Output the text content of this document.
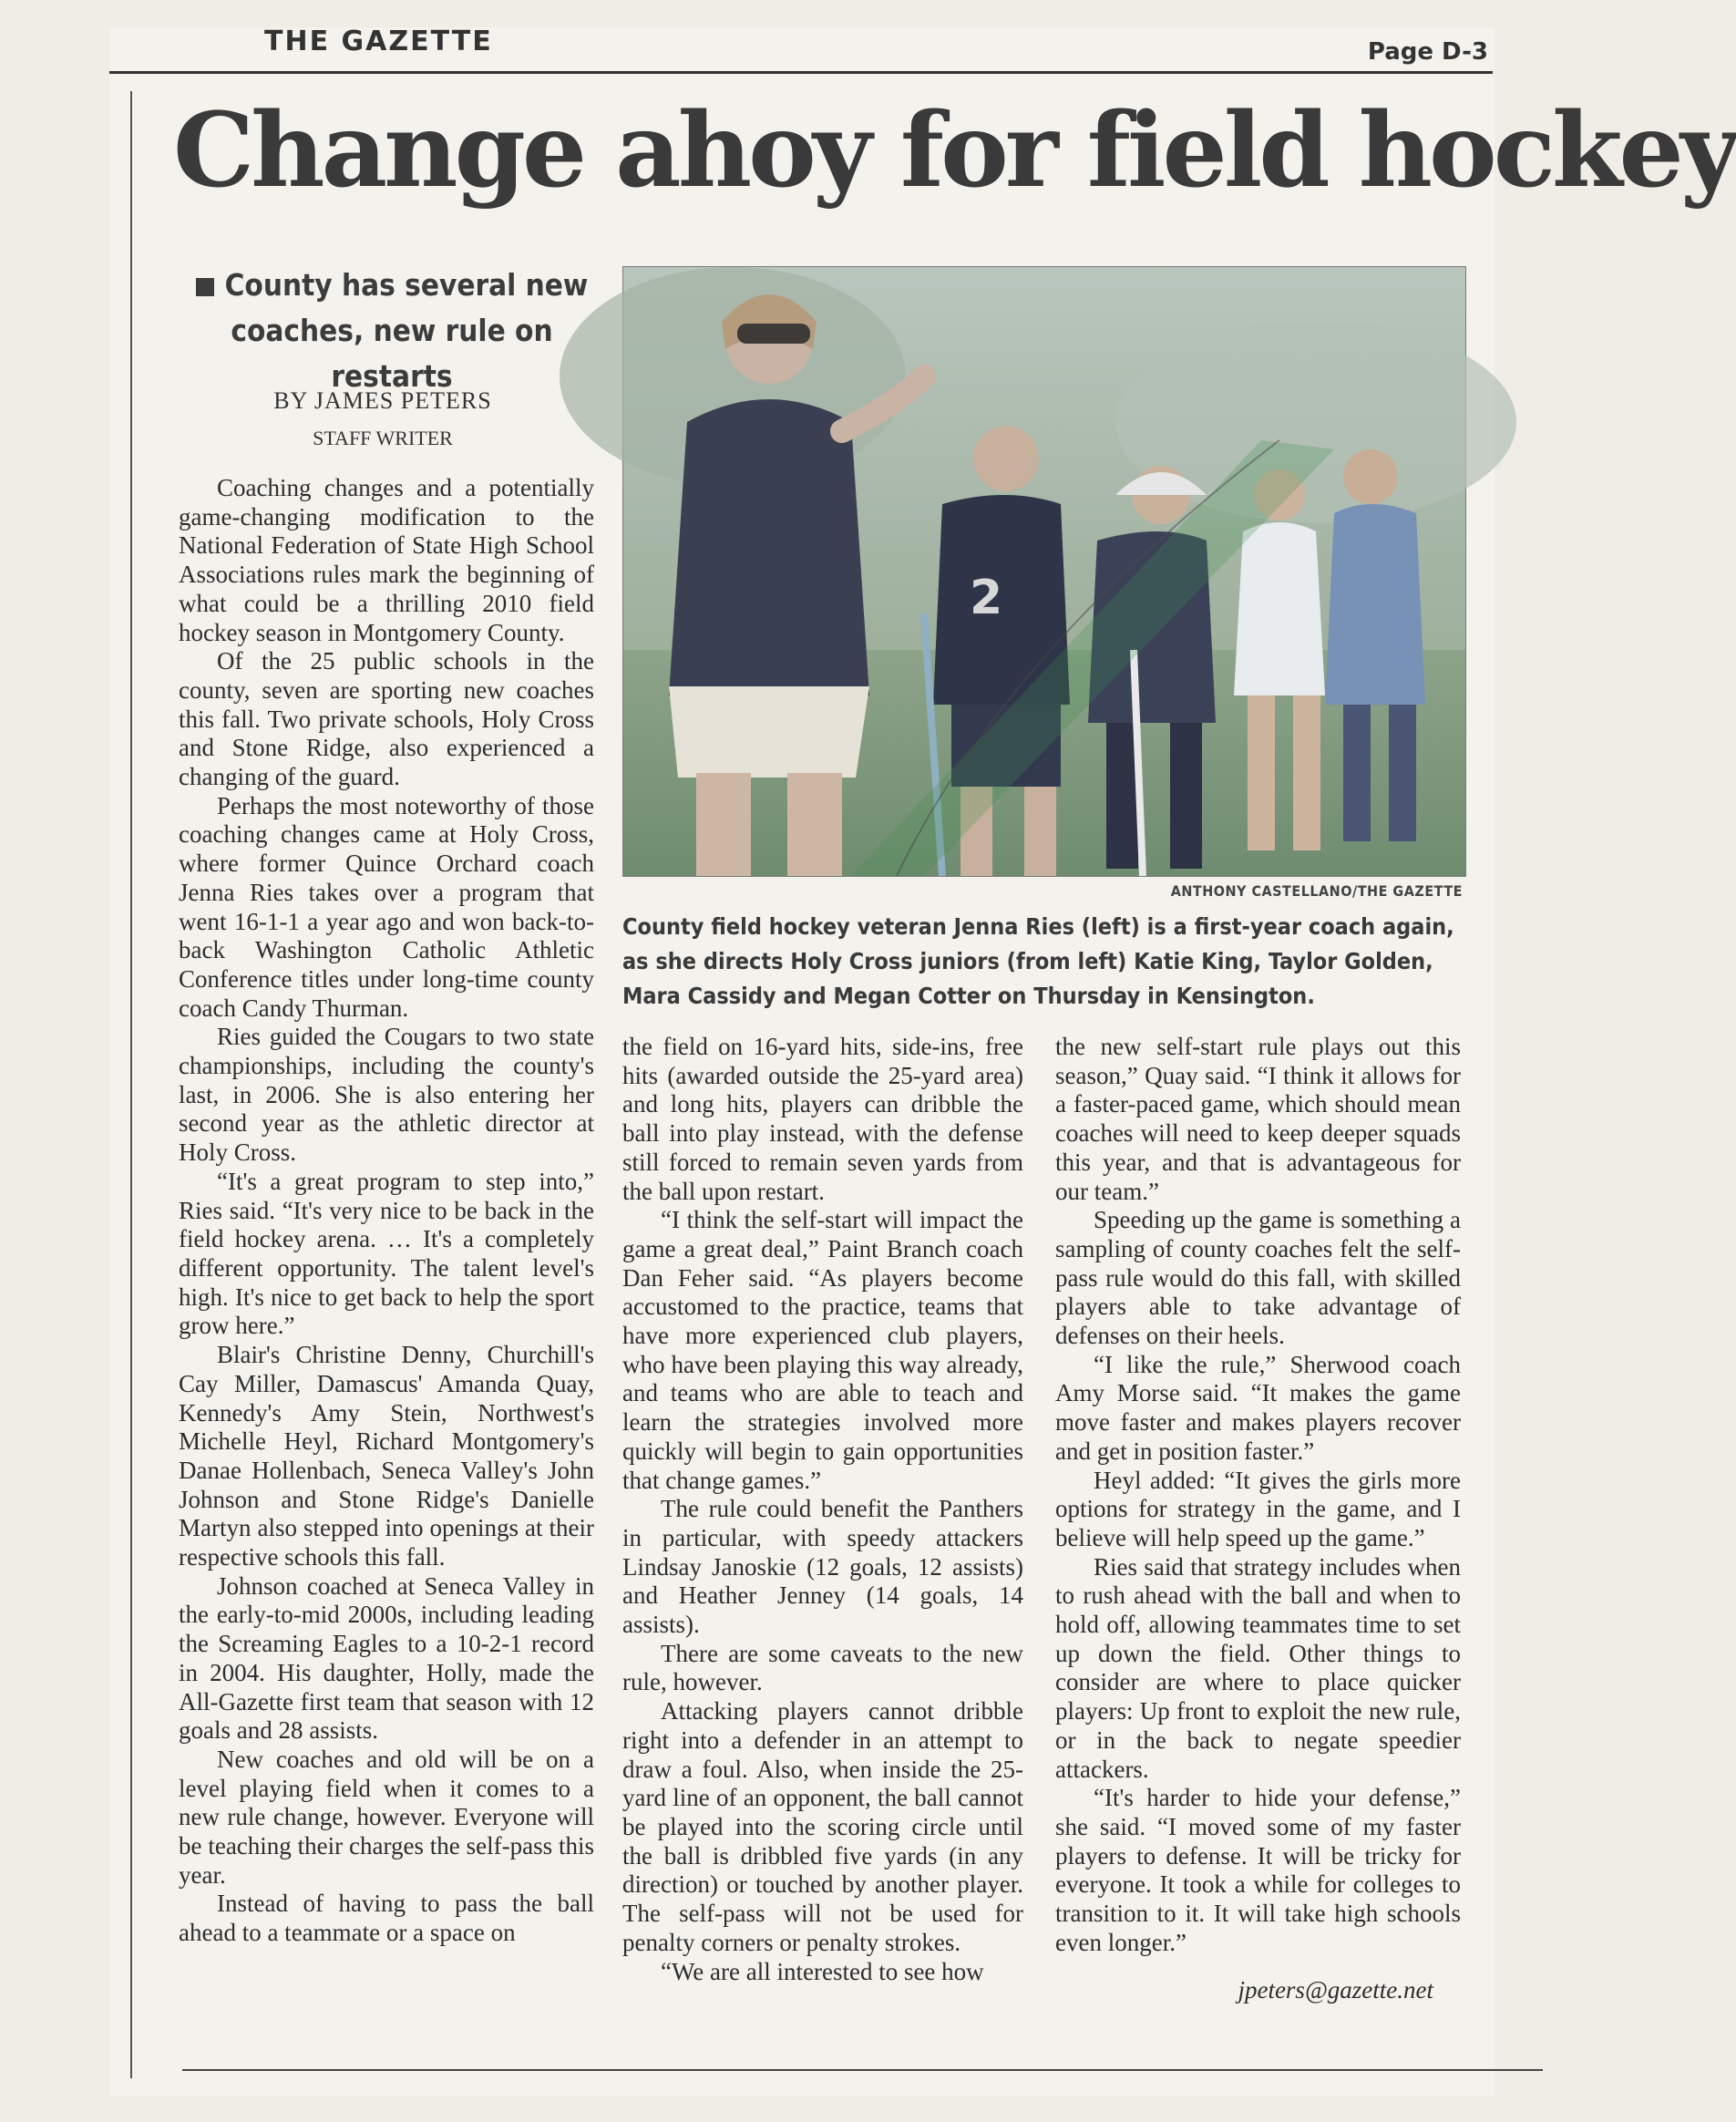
THE GAZETTE	Page D-3
Change ahoy for field hockey
County has several new coaches, new rule on restarts
BY JAMES PETERS
STAFF WRITER

Coaching changes and a potentially game-changing modification to the National Federation of State High School Associations rules mark the beginning of what could be a thrilling 2010 field hockey season in Montgomery County.

Of the 25 public schools in the county, seven are sporting new coaches this fall. Two private schools, Holy Cross and Stone Ridge, also experienced a changing of the guard.

Perhaps the most noteworthy of those coaching changes came at Holy Cross, where former Quince Orchard coach Jenna Ries takes over a program that went 16-1-1 a year ago and won back-to-back Washington Catholic Athletic Conference titles under long-time county coach Candy Thurman.

Ries guided the Cougars to two state championships, including the county's last, in 2006. She is also entering her second year as the athletic director at Holy Cross.

“It's a great program to step into,” Ries said. “It's very nice to be back in the field hockey arena. … It's a completely different opportunity. The talent level's high. It's nice to get back to help the sport grow here.”

Blair's Christine Denny, Churchill's Cay Miller, Damascus' Amanda Quay, Kennedy's Amy Stein, Northwest's Michelle Heyl, Richard Montgomery's Danae Hollenbach, Seneca Valley's John Johnson and Stone Ridge's Danielle Martyn also stepped into openings at their respective schools this fall.

Johnson coached at Seneca Valley in the early-to-mid 2000s, including leading the Screaming Eagles to a 10-2-1 record in 2004. His daughter, Holly, made the All-Gazette first team that season with 12 goals and 28 assists.

New coaches and old will be on a level playing field when it comes to a new rule change, however. Everyone will be teaching their charges the self-pass this year.

Instead of having to pass the ball ahead to a teammate or a space on

2
ANTHONY CASTELLANO/THE GAZETTE
County field hockey veteran Jenna Ries (left) is a first-year coach again, as she directs Holy Cross juniors (from left) Katie King, Taylor Golden, Mara Cassidy and Megan Cotter on Thursday in Kensington.

the field on 16-yard hits, side-ins, free hits (awarded outside the 25-yard area) and long hits, players can dribble the ball into play instead, with the defense still forced to remain seven yards from the ball upon restart.

“I think the self-start will impact the game a great deal,” Paint Branch coach Dan Feher said. “As players become accustomed to the practice, teams that have more experienced club players, who have been playing this way already, and teams who are able to teach and learn the strategies involved more quickly will begin to gain opportunities that change games.”

The rule could benefit the Panthers in particular, with speedy attackers Lindsay Janoskie (12 goals, 12 assists) and Heather Jenney (14 goals, 14 assists).

There are some caveats to the new rule, however.

Attacking players cannot dribble right into a defender in an attempt to draw a foul. Also, when inside the 25-yard line of an opponent, the ball cannot be played into the scoring circle until the ball is dribbled five yards (in any direction) or touched by another player. The self-pass will not be used for penalty corners or penalty strokes.

“We are all interested to see how

the new self-start rule plays out this season,” Quay said. “I think it allows for a faster-paced game, which should mean coaches will need to keep deeper squads this year, and that is advantageous for our team.”

Speeding up the game is something a sampling of county coaches felt the self-pass rule would do this fall, with skilled players able to take advantage of defenses on their heels.

“I like the rule,” Sherwood coach Amy Morse said. “It makes the game move faster and makes players recover and get in position faster.”

Heyl added: “It gives the girls more options for strategy in the game, and I believe will help speed up the game.”

Ries said that strategy includes when to rush ahead with the ball and when to hold off, allowing teammates time to set up down the field. Other things to consider are where to place quicker players: Up front to exploit the new rule, or in the back to negate speedier attackers.

“It's harder to hide your defense,” she said. “I moved some of my faster players to defense. It will be tricky for everyone. It took a while for colleges to transition to it. It will take high schools even longer.”

jpeters@gazette.net
